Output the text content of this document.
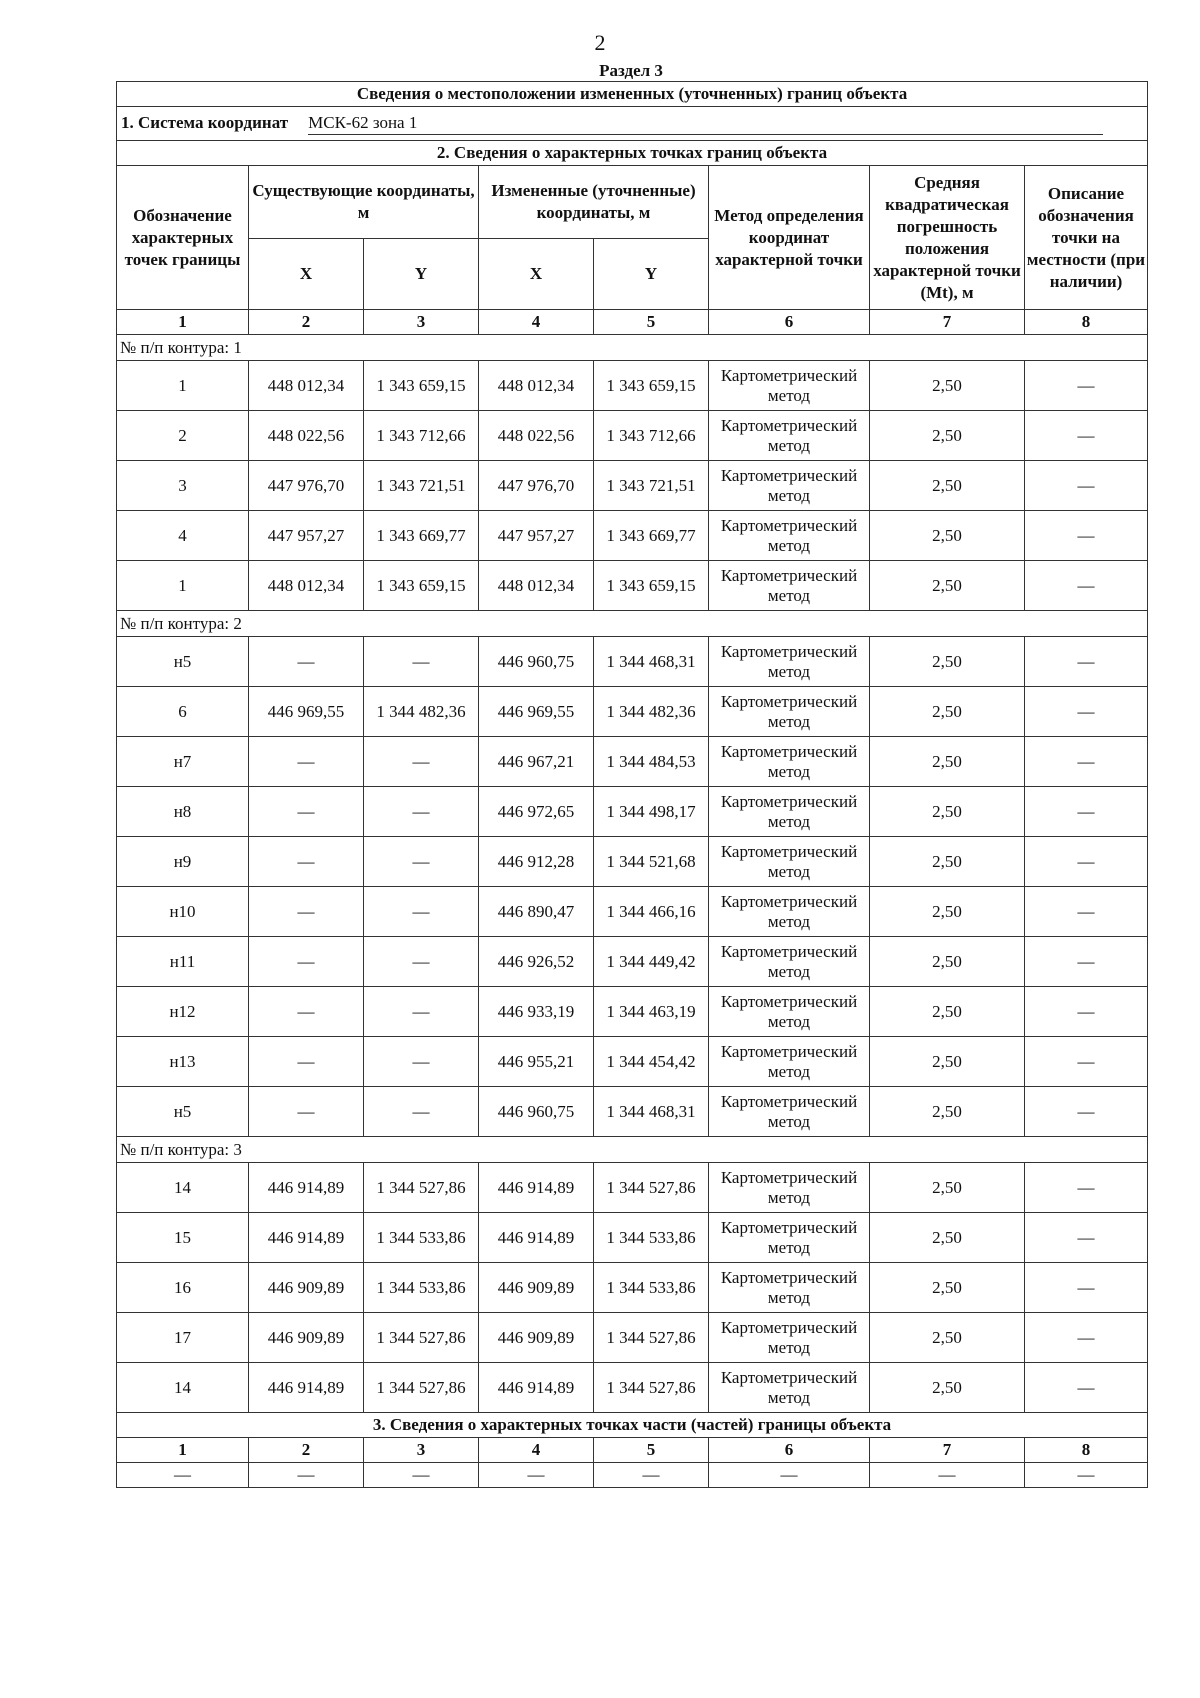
2
Раздел 3
Сведения о местоположении измененных (уточненных) границ объекта							
1. Система координат МСК-62 зона 1							
2. Сведения о характерных точках границ объекта							
Обозначение характерных точек границы	Существующие координаты, м		Измененные (уточненные) координаты, м		Метод определения координат характерной точки	Средняя квадратическая погрешность положения характерной точки (Mt), м	Описание обозначения точки на местности (при наличии)
	X	Y	X	Y			
1	2	3	4	5	6	7	8
№ п/п контура: 1							
1	448 012,34	1 343 659,15	448 012,34	1 343 659,15	Картометрический метод	2,50	—
2	448 022,56	1 343 712,66	448 022,56	1 343 712,66	Картометрический метод	2,50	—
3	447 976,70	1 343 721,51	447 976,70	1 343 721,51	Картометрический метод	2,50	—
4	447 957,27	1 343 669,77	447 957,27	1 343 669,77	Картометрический метод	2,50	—
1	448 012,34	1 343 659,15	448 012,34	1 343 659,15	Картометрический метод	2,50	—
№ п/п контура: 2							
н5	—	—	446 960,75	1 344 468,31	Картометрический метод	2,50	—
6	446 969,55	1 344 482,36	446 969,55	1 344 482,36	Картометрический метод	2,50	—
н7	—	—	446 967,21	1 344 484,53	Картометрический метод	2,50	—
н8	—	—	446 972,65	1 344 498,17	Картометрический метод	2,50	—
н9	—	—	446 912,28	1 344 521,68	Картометрический метод	2,50	—
н10	—	—	446 890,47	1 344 466,16	Картометрический метод	2,50	—
н11	—	—	446 926,52	1 344 449,42	Картометрический метод	2,50	—
н12	—	—	446 933,19	1 344 463,19	Картометрический метод	2,50	—
н13	—	—	446 955,21	1 344 454,42	Картометрический метод	2,50	—
н5	—	—	446 960,75	1 344 468,31	Картометрический метод	2,50	—
№ п/п контура: 3							
14	446 914,89	1 344 527,86	446 914,89	1 344 527,86	Картометрический метод	2,50	—
15	446 914,89	1 344 533,86	446 914,89	1 344 533,86	Картометрический метод	2,50	—
16	446 909,89	1 344 533,86	446 909,89	1 344 533,86	Картометрический метод	2,50	—
17	446 909,89	1 344 527,86	446 909,89	1 344 527,86	Картометрический метод	2,50	—
14	446 914,89	1 344 527,86	446 914,89	1 344 527,86	Картометрический метод	2,50	—
3. Сведения о характерных точках части (частей) границы объекта							
1	2	3	4	5	6	7	8
—	—	—	—	—	—	—	—
